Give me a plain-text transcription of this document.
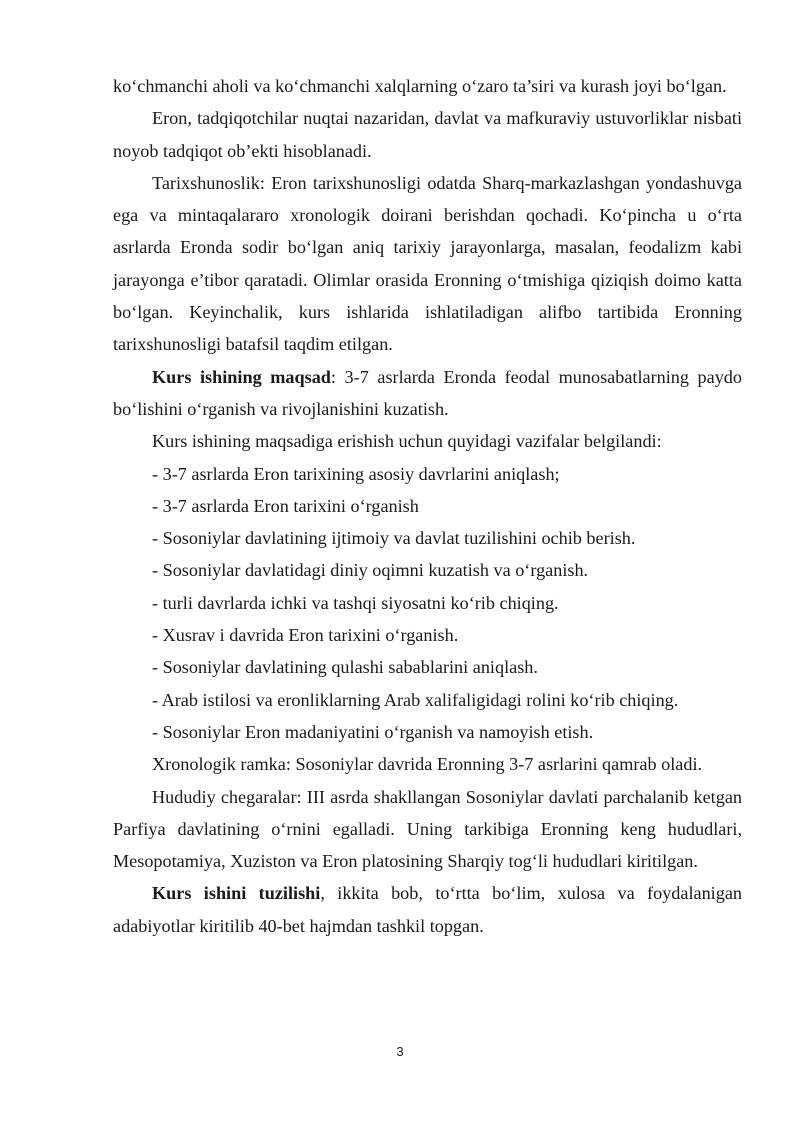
ko‘chmanchi aholi va ko‘chmanchi xalqlarning o‘zaro ta’siri va kurash joyi bo‘lgan.

Eron, tadqiqotchilar nuqtai nazaridan, davlat va mafkuraviy ustuvorliklar nisbati noyob tadqiqot ob’ekti hisoblanadi.

Tarixshunoslik: Eron tarixshunosligi odatda Sharq-markazlashgan yondashuvga ega va mintaqalararo xronologik doirani berishdan qochadi. Ko‘pincha u o‘rta asrlarda Eronda sodir bo‘lgan aniq tarixiy jarayonlarga, masalan, feodalizm kabi jarayonga e’tibor qaratadi. Olimlar orasida Eronning o‘tmishiga qiziqish doimo katta bo‘lgan. Keyinchalik, kurs ishlarida ishlatiladigan alifbo tartibida Eronning tarixshunosligi batafsil taqdim etilgan.

Kurs ishining maqsad: 3-7 asrlarda Eronda feodal munosabatlarning paydo bo‘lishini o‘rganish va rivojlanishini kuzatish.

Kurs ishining maqsadiga erishish uchun quyidagi vazifalar belgilandi:

- 3-7 asrlarda Eron tarixining asosiy davrlarini aniqlash;

- 3-7 asrlarda Eron tarixini o‘rganish

- Sosoniylar davlatining ijtimoiy va davlat tuzilishini ochib berish.

- Sosoniylar davlatidagi diniy oqimni kuzatish va o‘rganish.

- turli davrlarda ichki va tashqi siyosatni ko‘rib chiqing.

- Xusrav i davrida Eron tarixini o‘rganish.

- Sosoniylar davlatining qulashi sabablarini aniqlash.

- Arab istilosi va eronliklarning Arab xalifaligidagi rolini ko‘rib chiqing.

- Sosoniylar Eron madaniyatini o‘rganish va namoyish etish.

Xronologik ramka: Sosoniylar davrida Eronning 3-7 asrlarini qamrab oladi.

Hududiy chegaralar: III asrda shakllangan Sosoniylar davlati parchalanib ketgan Parfiya davlatining o‘rnini egalladi. Uning tarkibiga Eronning keng hududlari, Mesopotamiya, Xuziston va Eron platosining Sharqiy tog‘li hududlari kiritilgan.

Kurs ishini tuzilishi, ikkita bob, to‘rtta bo‘lim, xulosa va foydalanigan adabiyotlar kiritilib 40-bet hajmdan tashkil topgan.

3
